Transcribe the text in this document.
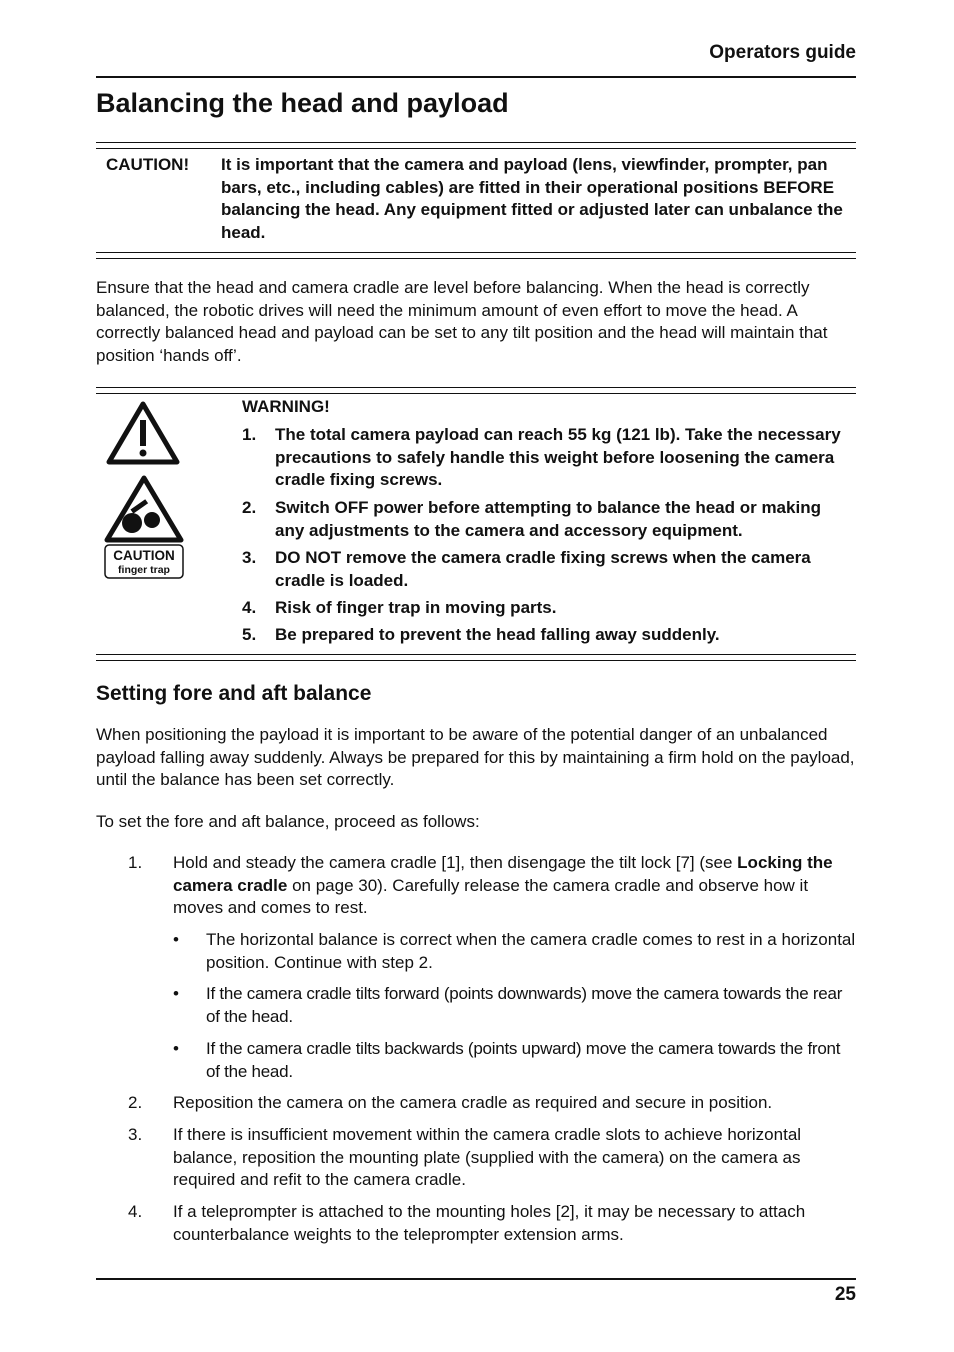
Operators guide
Balancing the head and payload
CAUTION! It is important that the camera and payload (lens, viewfinder, prompter, pan bars, etc., including cables) are fitted in their operational positions BEFORE balancing the head. Any equipment fitted or adjusted later can unbalance the head.
Ensure that the head and camera cradle are level before balancing. When the head is correctly balanced, the robotic drives will need the minimum amount of even effort to move the head. A correctly balanced head and payload can be set to any tilt position and the head will maintain that position ‘hands off’.
CAUTION
finger trap
WARNING!
1. The total camera payload can reach 55 kg (121 lb). Take the necessary precautions to safely handle this weight before loosening the camera cradle fixing screws.
2. Switch OFF power before attempting to balance the head or making any adjustments to the camera and accessory equipment.
3. DO NOT remove the camera cradle fixing screws when the camera cradle is loaded.
4. Risk of finger trap in moving parts.
5. Be prepared to prevent the head falling away suddenly.
Setting fore and aft balance
When positioning the payload it is important to be aware of the potential danger of an unbalanced payload falling away suddenly. Always be prepared for this by maintaining a firm hold on the payload, until the balance has been set correctly.
To set the fore and aft balance, proceed as follows:
1. Hold and steady the camera cradle [1], then disengage the tilt lock [7] (see Locking the camera cradle on page 30). Carefully release the camera cradle and observe how it moves and comes to rest.
• The horizontal balance is correct when the camera cradle comes to rest in a horizontal position. Continue with step 2.
• If the camera cradle tilts forward (points downwards) move the camera towards the rear of the head.
• If the camera cradle tilts backwards (points upward) move the camera towards the front of the head.
2. Reposition the camera on the camera cradle as required and secure in position.
3. If there is insufficient movement within the camera cradle slots to achieve horizontal balance, reposition the mounting plate (supplied with the camera) on the camera as required and refit to the camera cradle.
4. If a teleprompter is attached to the mounting holes [2], it may be necessary to attach counterbalance weights to the teleprompter extension arms.
25
